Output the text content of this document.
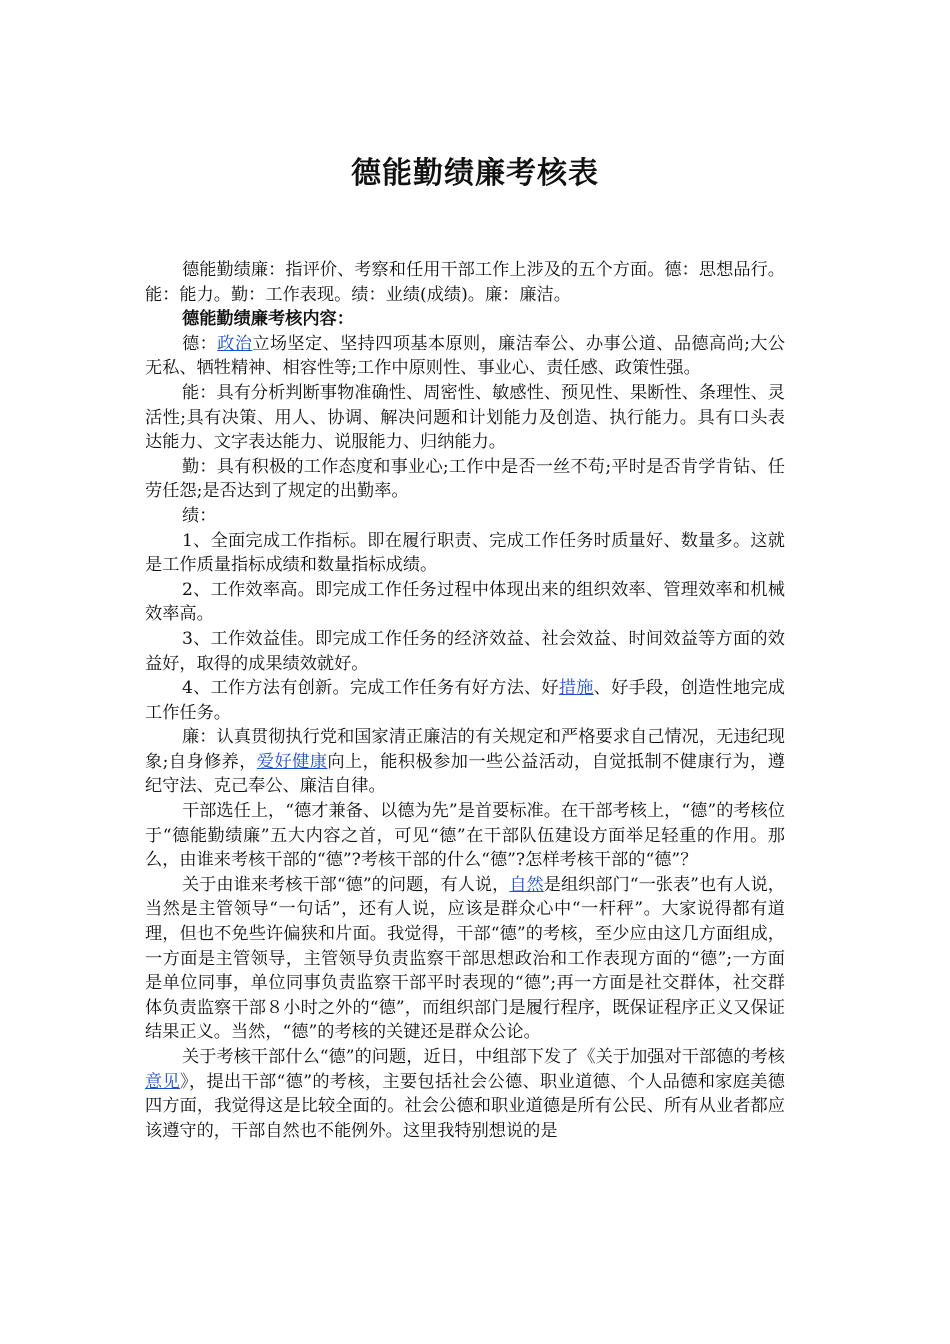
德能勤绩廉考核表

德能勤绩廉：指评价、考察和任用干部工作上涉及的五个方面。德：思想品行。能：能力。勤：工作表现。绩：业绩(成绩)。廉：廉洁。

德能勤绩廉考核内容：

德：政治立场坚定、坚持四项基本原则，廉洁奉公、办事公道、品德高尚;大公无私、牺牲精神、相容性等;工作中原则性、事业心、责任感、政策性强。

能：具有分析判断事物准确性、周密性、敏感性、预见性、果断性、条理性、灵活性;具有决策、用人、协调、解决问题和计划能力及创造、执行能力。具有口头表达能力、文字表达能力、说服能力、归纳能力。

勤：具有积极的工作态度和事业心;工作中是否一丝不苟;平时是否肯学肯钻、任劳任怨;是否达到了规定的出勤率。

绩：

1、全面完成工作指标。即在履行职责、完成工作任务时质量好、数量多。这就是工作质量指标成绩和数量指标成绩。

2、工作效率高。即完成工作任务过程中体现出来的组织效率、管理效率和机械效率高。

3、工作效益佳。即完成工作任务的经济效益、社会效益、时间效益等方面的效益好，取得的成果绩效就好。

4、工作方法有创新。完成工作任务有好方法、好措施、好手段，创造性地完成工作任务。

廉：认真贯彻执行党和国家清正廉洁的有关规定和严格要求自己情况，无违纪现象;自身修养，爱好健康向上，能积极参加一些公益活动，自觉抵制不健康行为，遵纪守法、克己奉公、廉洁自律。

干部选任上，“德才兼备、以德为先”是首要标准。在干部考核上，“德”的考核位于“德能勤绩廉”五大内容之首，可见“德”在干部队伍建设方面举足轻重的作用。那么，由谁来考核干部的“德”?考核干部的什么“德”?怎样考核干部的“德”？

关于由谁来考核干部“德”的问题，有人说，自然是组织部门“一张表”也有人说，当然是主管领导“一句话”，还有人说，应该是群众心中“一杆秤”。大家说得都有道理，但也不免些许偏狭和片面。我觉得，干部“德”的考核，至少应由这几方面组成，一方面是主管领导，主管领导负责监察干部思想政治和工作表现方面的“德”;一方面是单位同事，单位同事负责监察干部平时表现的“德”;再一方面是社交群体，社交群体负责监察干部８小时之外的“德”，而组织部门是履行程序，既保证程序正义又保证结果正义。当然，“德”的考核的关键还是群众公论。

关于考核干部什么“德”的问题，近日，中组部下发了《关于加强对干部德的考核意见》，提出干部“德”的考核，主要包括社会公德、职业道德、个人品德和家庭美德四方面，我觉得这是比较全面的。社会公德和职业道德是所有公民、所有从业者都应该遵守的，干部自然也不能例外。这里我特别想说的是
